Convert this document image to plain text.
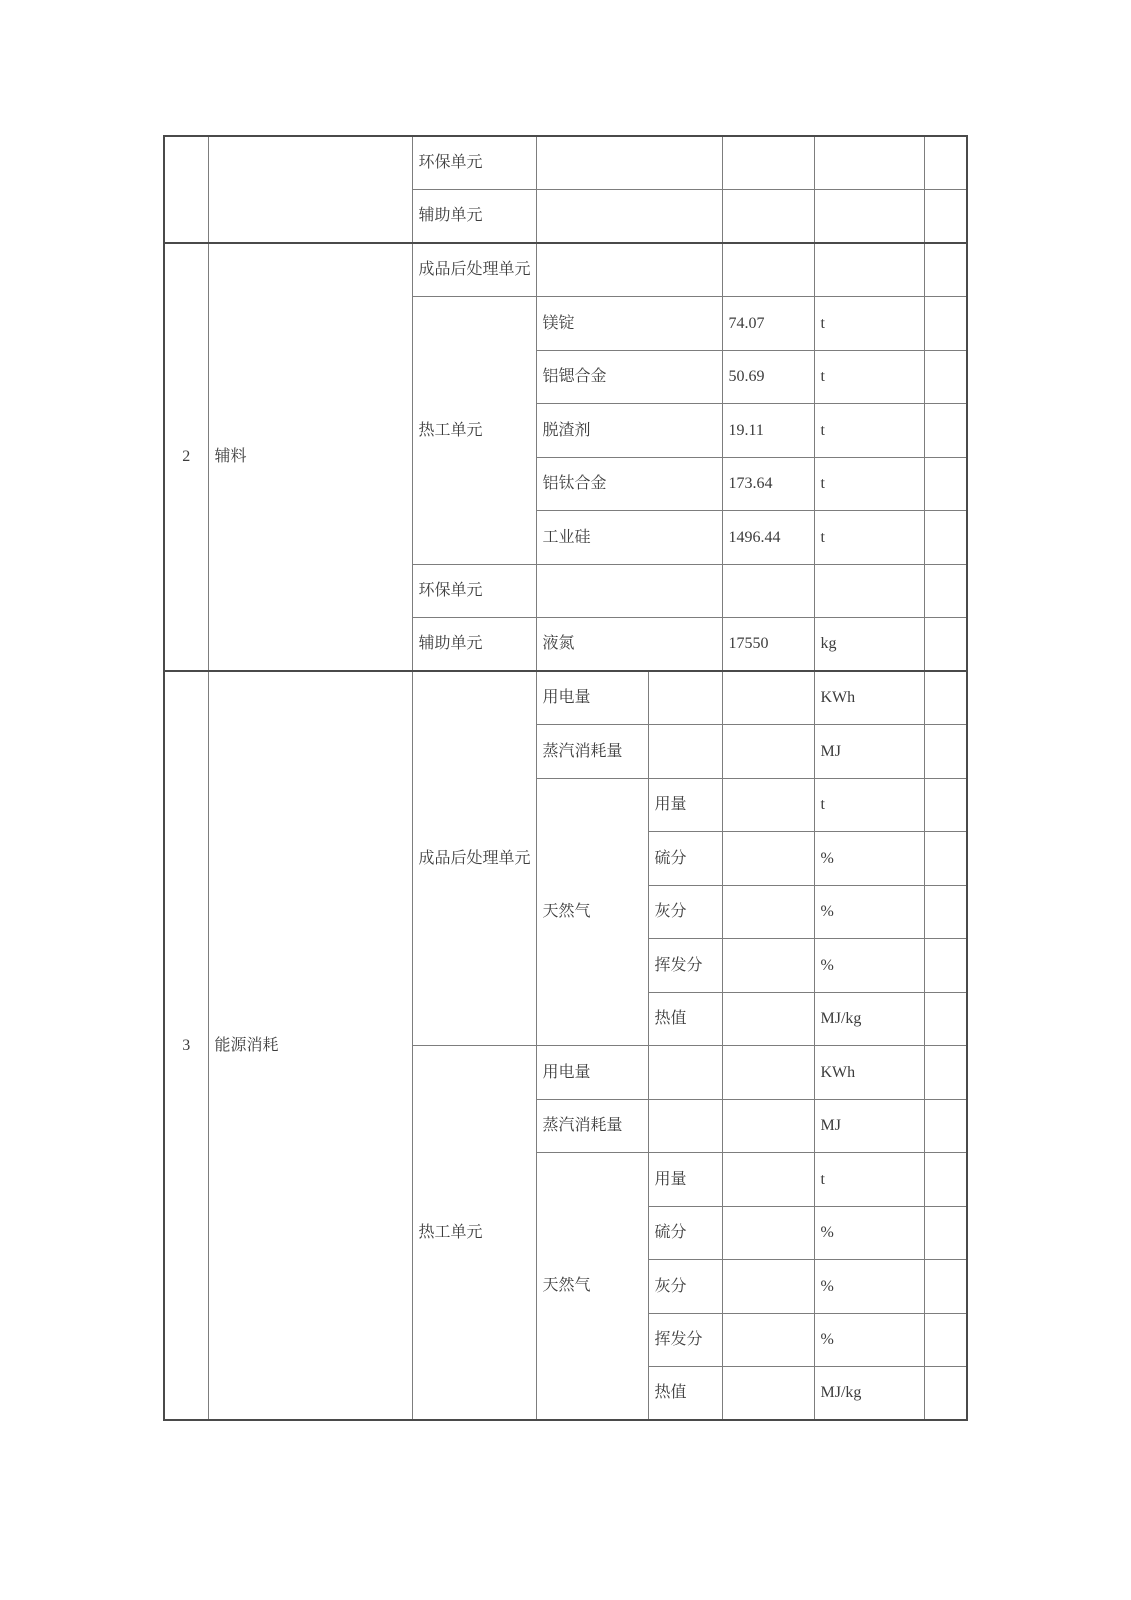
		环保单元					
		辅助单元					
2	辅料	成品后处理单元					
		热工单元	镁锭		74.07	t	
			铝锶合金		50.69	t	
			脱渣剂		19.11	t	
			铝钛合金		173.64	t	
			工业硅		1496.44	t	
		环保单元					
		辅助单元	液氮		17550	kg	
3	能源消耗	成品后处理单元	用电量			KWh	
			蒸汽消耗量			MJ	
			天然气	用量		t	
				硫分		%	
				灰分		%	
				挥发分		%	
				热值		MJ/kg	
		热工单元	用电量			KWh	
			蒸汽消耗量			MJ	
			天然气	用量		t	
				硫分		%	
				灰分		%	
				挥发分		%	
				热值		MJ/kg	
